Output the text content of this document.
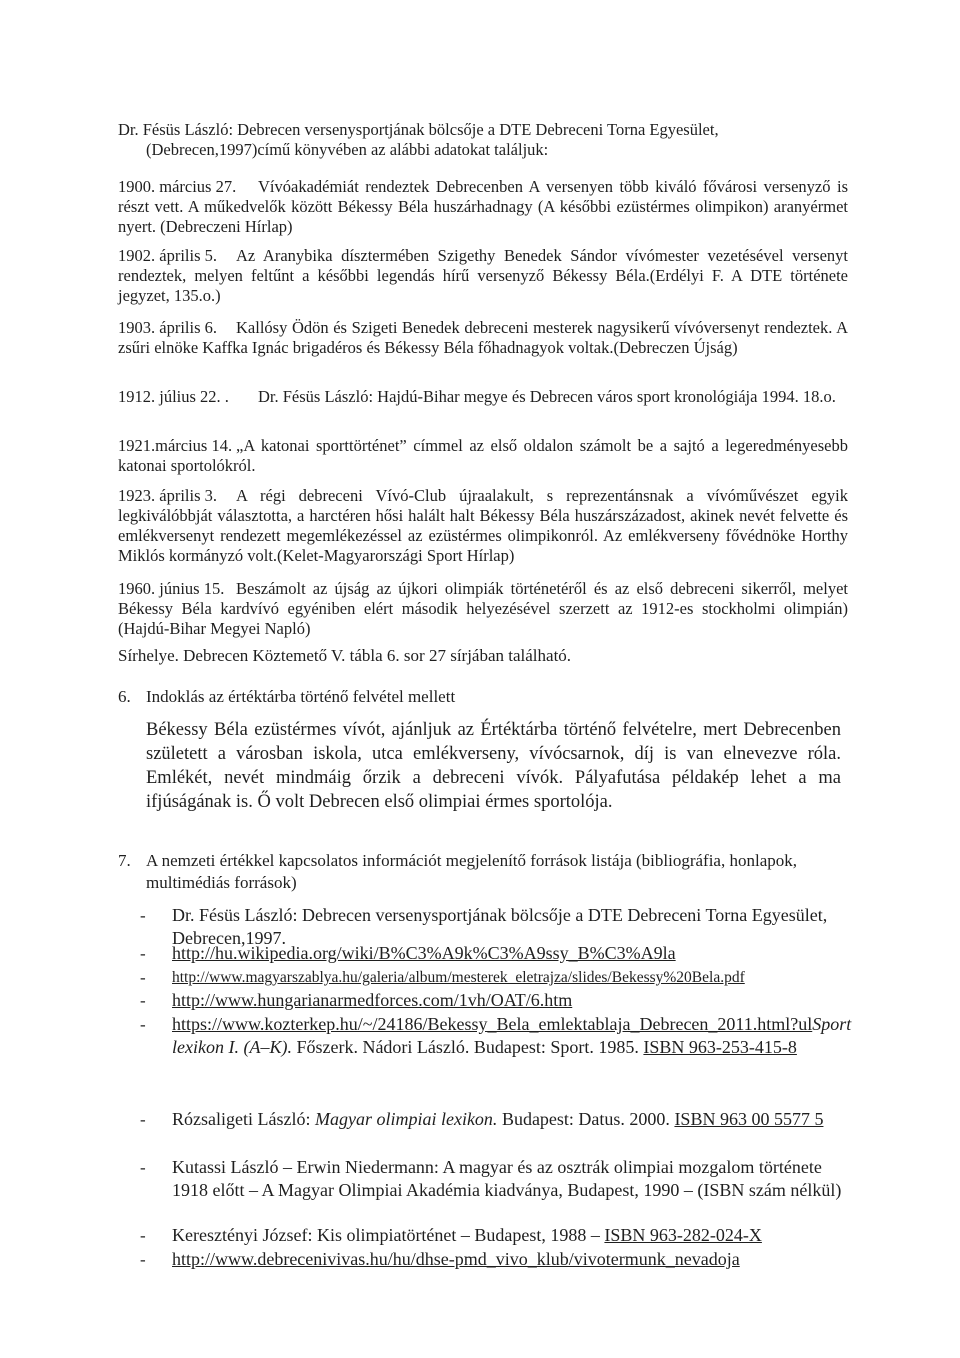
Dr. Fésüs László: Debrecen versenysportjának bölcsője a DTE Debreceni Torna Egyesület,
(Debrecen,1997)című könyvében az alábbi adatokat találjuk:
1900. március 27.	Vívóakadémiát rendeztek Debrecenben A versenyen több kiváló fővárosi versenyző is részt vett. A műkedvelők között Békessy Béla huszárhadnagy (A későbbi ezüstérmes olimpikon) aranyérmet nyert. (Debreczeni Hírlap)
1902. április 5.	Az Aranybika dísztermében Szigethy Benedek Sándor vívómester vezetésével versenyt rendeztek, melyen feltűnt a későbbi legendás hírű versenyző Békessy Béla.(Erdélyi F. A DTE története jegyzet, 135.o.)
1903. április 6.	Kallósy Ödön és Szigeti Benedek debreceni mesterek nagysikerű vívóversenyt rendeztek. A zsűri elnöke Kaffka Ignác brigadéros és Békessy Béla főhadnagyok voltak.(Debreczen Újság)
1912. július 22. .	Dr. Fésüs László: Hajdú-Bihar megye és Debrecen város sport kronológiája 1994. 18.o.
1921.március 14. „A katonai sporttörténet” címmel az első oldalon számolt be a sajtó a legeredményesebb katonai sportolókról.
1923. április 3.	A régi debreceni Vívó-Club újraalakult, s reprezentánsnak a vívóművészet egyik legkiválóbbját választotta, a harctéren hősi halált halt Békessy Béla huszárszázadost, akinek nevét felvette és emlékversenyt rendezett megemlékezéssel az ezüstérmes olimpikonról. Az emlékverseny fővédnöke Horthy Miklós kormányzó volt.(Kelet-Magyarországi Sport Hírlap)
1960. június 15. Beszámolt az újság az újkori olimpiák történetéről és az első debreceni sikerről, melyet Békessy Béla kardvívó egyéniben elért második helyezésével szerzett az 1912-es stockholmi olimpián)(Hajdú-Bihar Megyei Napló)
Sírhelye. Debrecen Köztemető V. tábla 6. sor 27 sírjában található.
6. Indoklás az értéktárba történő felvétel mellett
Békessy Béla ezüstérmes vívót, ajánljuk az Értéktárba történő felvételre, mert Debrecenben született a városban iskola, utca emlékverseny, vívócsarnok, díj is van elnevezve róla. Emlékét, nevét mindmáig őrzik a debreceni vívók. Pályafutása példakép lehet a ma ifjúságának is. Ő volt Debrecen első olimpiai érmes sportolója.
7. A nemzeti értékkel kapcsolatos információt megjelenítő források listája (bibliográfia, honlapok,
multimédiás források)
- Dr. Fésüs László: Debrecen versenysportjának bölcsője a DTE Debreceni Torna Egyesület, Debrecen,1997.
- http://hu.wikipedia.org/wiki/B%C3%A9k%C3%A9ssy_B%C3%A9la
- http://www.magyarszablya.hu/galeria/album/mesterek_eletrajza/slides/Bekessy%20Bela.pdf
- http://www.hungarianarmedforces.com/1vh/OAT/6.htm
- https://www.kozterkep.hu/~/24186/Bekessy_Bela_emlektablaja_Debrecen_2011.html?ulSport lexikon I. (A–K). Főszerk. Nádori László. Budapest: Sport. 1985. ISBN 963-253-415-8
- Rózsaligeti László: Magyar olimpiai lexikon. Budapest: Datus. 2000. ISBN 963 00 5577 5
- Kutassi László – Erwin Niedermann: A magyar és az osztrák olimpiai mozgalom története 1918 előtt – A Magyar Olimpiai Akadémia kiadványa, Budapest, 1990 – (ISBN szám nélkül)
- Keresztényi József: Kis olimpiatörténet – Budapest, 1988 – ISBN 963-282-024-X
- http://www.debrecenivivas.hu/hu/dhse-pmd_vivo_klub/vivotermunk_nevadoja
